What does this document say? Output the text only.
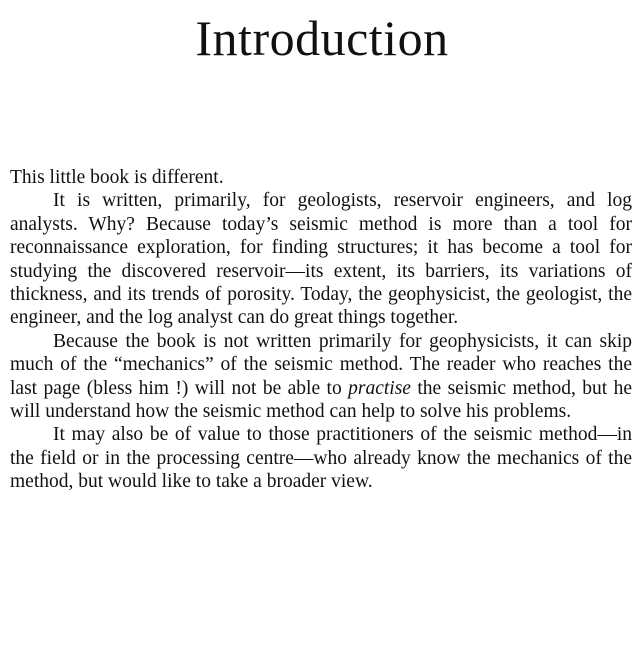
Introduction

This little book is different.

It is written, primarily, for geologists, reservoir engineers, and log analysts. Why? Because today’s seismic method is more than a tool for reconnaissance exploration, for finding structures; it has become a tool for studying the discovered reservoir—its extent, its barriers, its variations of thickness, and its trends of porosity. Today, the geophysicist, the geologist, the engineer, and the log analyst can do great things together.

Because the book is not written primarily for geophysicists, it can skip much of the “mechanics” of the seismic method. The reader who reaches the last page (bless him !) will not be able to practise the seismic method, but he will understand how the seismic method can help to solve his problems.

It may also be of value to those practitioners of the seismic method—in the field or in the processing centre—who already know the mechanics of the method, but would like to take a broader view.
